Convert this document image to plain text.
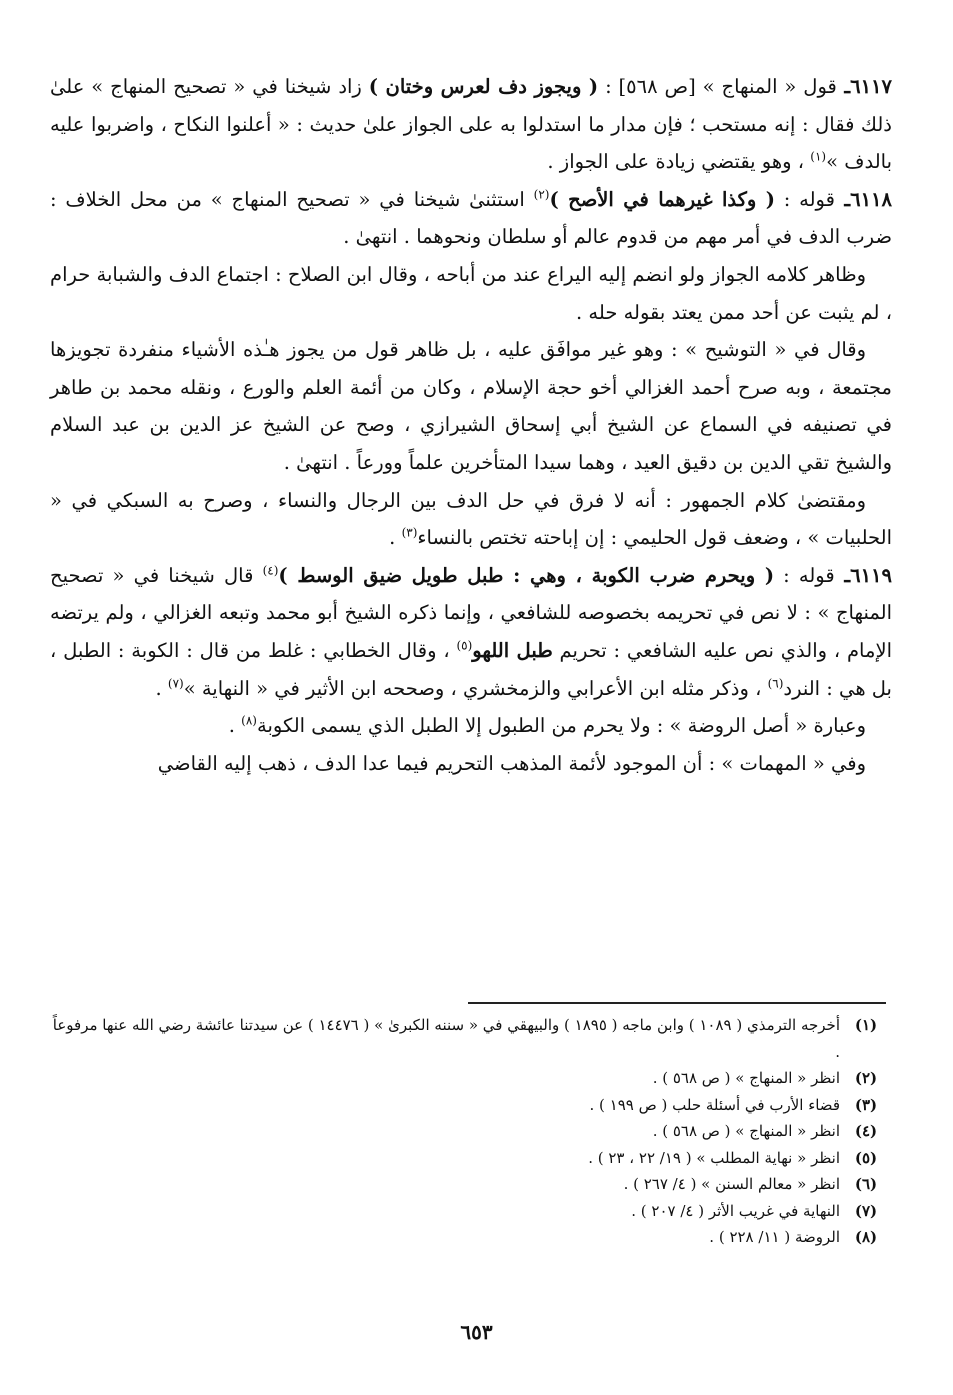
٦١١٧ـ قول « المنهاج » [ص ٥٦٨] : ( ويجوز دف لعرس وختان ) زاد شيخنا في « تصحيح المنهاج » علىٰ ذلك فقال : إنه مستحب ؛ فإن مدار ما استدلوا به على الجواز علىٰ حديث : « أعلنوا النكاح ، واضربوا عليه بالدف »$^{(١)}$ ، وهو يقتضي زيادة على الجواز .

٦١١٨ـ قوله : ( وكذا غيرهما في الأصح )$^{(٢)}$ استثنىٰ شيخنا في « تصحيح المنهاج » من محل الخلاف : ضرب الدف في أمر مهم من قدوم عالم أو سلطان ونحوهما . انتهىٰ .

وظاهر كلامه الجواز ولو انضم إليه اليراع عند من أباحه ، وقال ابن الصلاح : اجتماع الدف والشبابة حرام ، لم يثبت عن أحد ممن يعتد بقوله حله .

وقال في « التوشيح » : وهو غير موافَق عليه ، بل ظاهر قول من يجوز هـٰذه الأشياء منفردة تجويزها مجتمعة ، وبه صرح أحمد الغزالي أخو حجة الإسلام ، وكان من أئمة العلم والورع ، ونقله محمد بن طاهر في تصنيفه في السماع عن الشيخ أبي إسحاق الشيرازي ، وصح عن الشيخ عز الدين بن عبد السلام والشيخ تقي الدين بن دقيق العيد ، وهما سيدا المتأخرين علماً وورعاً . انتهىٰ .

ومقتضىٰ كلام الجمهور : أنه لا فرق في حل الدف بين الرجال والنساء ، وصرح به السبكي في « الحلبيات » ، وضعف قول الحليمي : إن إباحته تختص بالنساء$^{(٣)}$ .

٦١١٩ـ قوله : ( ويحرم ضرب الكوبة ، وهي : طبل طويل ضيق الوسط )$^{(٤)}$ قال شيخنا في « تصحيح المنهاج » : لا نص في تحريمه بخصوصه للشافعي ، وإنما ذكره الشيخ أبو محمد وتبعه الغزالي ، ولم يرتضه الإمام ، والذي نص عليه الشافعي : تحريم طبل اللهو$^{(٥)}$ ، وقال الخطابي : غلط من قال : الكوبة : الطبل ، بل هي : النرد$^{(٦)}$ ، وذكر مثله ابن الأعرابي والزمخشري ، وصححه ابن الأثير في « النهاية »$^{(٧)}$ .

وعبارة « أصل الروضة » : ولا يحرم من الطبول إلا الطبل الذي يسمى الكوبة$^{(٨)}$ .

وفي « المهمات » : أن الموجود لأئمة المذهب التحريم فيما عدا الدف ، ذهب إليه القاضي

(١)
أخرجه الترمذي ( ١٠٨٩ ) وابن ماجه ( ١٨٩٥ ) والبيهقي في « سننه الكبرىٰ » ( ١٤٤٧٦ ) عن سيدتنا عائشة رضي الله عنها مرفوعاً .
(٢)
انظر « المنهاج » ( ص ٥٦٨ ) .
(٣)
قضاء الأرب في أسئلة حلب ( ص ١٩٩ ) .
(٤)
انظر « المنهاج » ( ص ٥٦٨ ) .
(٥)
انظر « نهاية المطلب » ( ١٩/ ٢٢ ، ٢٣ ) .
(٦)
انظر « معالم السنن » ( ٤/ ٢٦٧ ) .
(٧)
النهاية في غريب الأثر ( ٤/ ٢٠٧ ) .
(٨)
الروضة ( ١١/ ٢٢٨ ) .
٦٥٣
